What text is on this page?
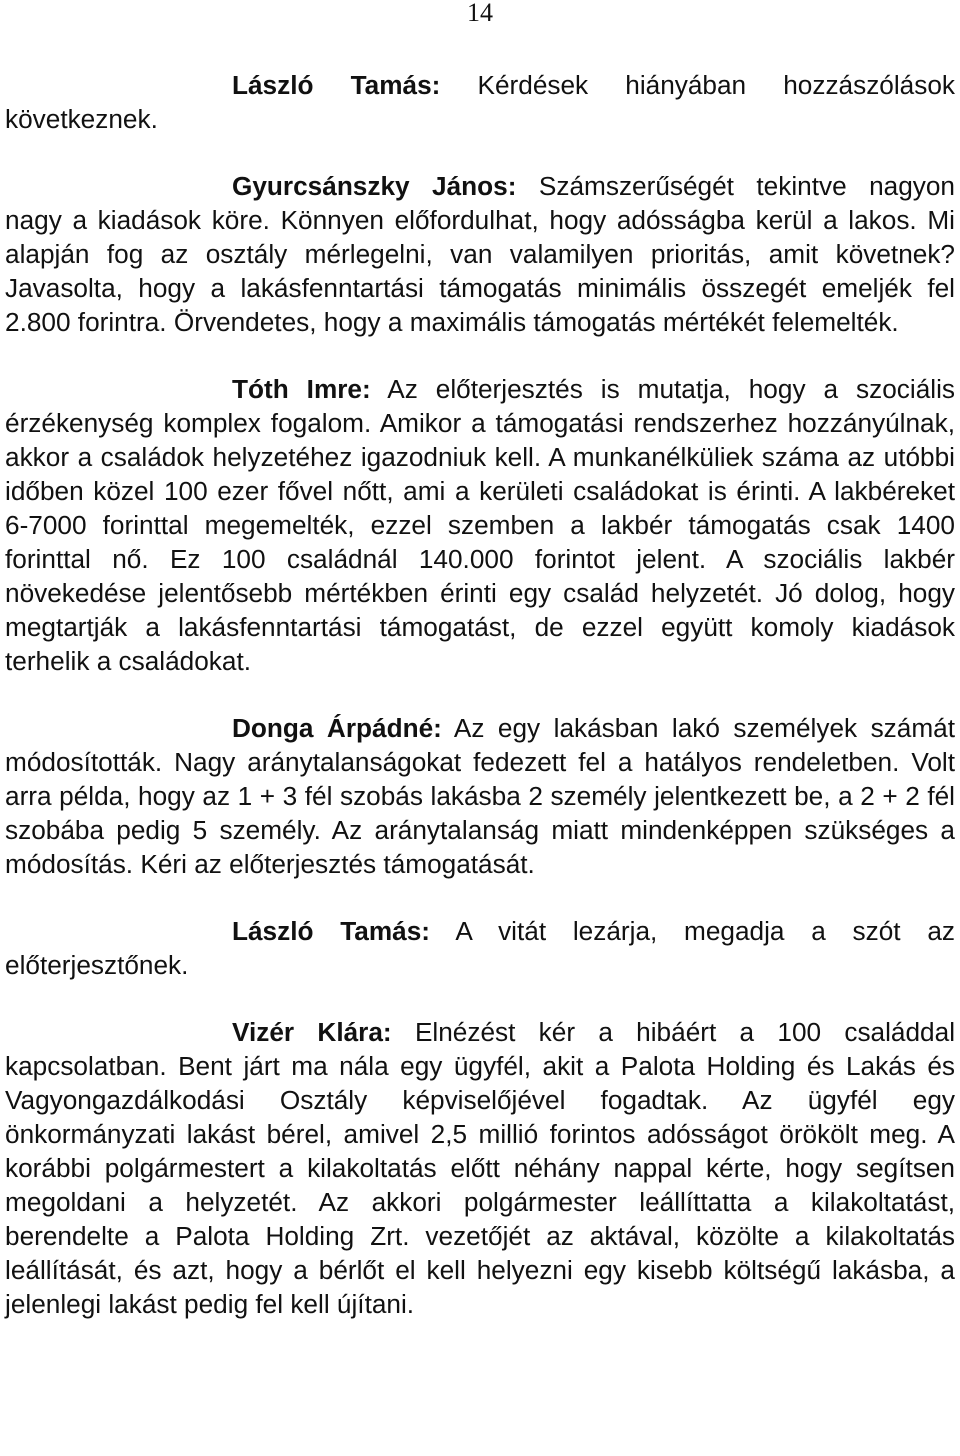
14

László Tamás: Kérdések hiányában hozzászólások következnek.

Gyurcsánszky János: Számszerűségét tekintve nagyon nagy a kiadások köre. Könnyen előfordulhat, hogy adósságba kerül a lakos. Mi alapján fog az osztály mérlegelni, van valamilyen prioritás, amit követnek? Javasolta, hogy a lakásfenntartási támogatás minimális összegét emeljék fel 2.800 forintra. Örvendetes, hogy a maximális támogatás mértékét felemelték.

Tóth Imre: Az előterjesztés is mutatja, hogy a szociális érzékenység komplex fogalom. Amikor a támogatási rendszerhez hozzányúlnak, akkor a családok helyzetéhez igazodniuk kell. A munkanélküliek száma az utóbbi időben közel 100 ezer fővel nőtt, ami a kerületi családokat is érinti. A lakbéreket 6-7000 forinttal megemelték, ezzel szemben a lakbér támogatás csak 1400 forinttal nő. Ez 100 családnál 140.000 forintot jelent. A szociális lakbér növekedése jelentősebb mértékben érinti egy család helyzetét. Jó dolog, hogy megtartják a lakásfenntartási támogatást, de ezzel együtt komoly kiadások terhelik a családokat.

Donga Árpádné: Az egy lakásban lakó személyek számát módosították. Nagy aránytalanságokat fedezett fel a hatályos rendeletben. Volt arra példa, hogy az 1 + 3 fél szobás lakásba 2 személy jelentkezett be, a 2 + 2 fél szobába pedig 5 személy. Az aránytalanság miatt mindenképpen szükséges a módosítás. Kéri az előterjesztés támogatását.

László Tamás: A vitát lezárja, megadja a szót az előterjesztőnek.

Vizér Klára: Elnézést kér a hibáért a 100 családdal kapcsolatban. Bent járt ma nála egy ügyfél, akit a Palota Holding és Lakás és Vagyongazdálkodási Osztály képviselőjével fogadtak. Az ügyfél egy önkormányzati lakást bérel, amivel 2,5 millió forintos adósságot örökölt meg. A korábbi polgármestert a kilakoltatás előtt néhány nappal kérte, hogy segítsen megoldani a helyzetét. Az akkori polgármester leállíttatta a kilakoltatást, berendelte a Palota Holding Zrt. vezetőjét az aktával, közölte a kilakoltatás leállítását, és azt, hogy a bérlőt el kell helyezni egy kisebb költségű lakásba, a jelenlegi lakást pedig fel kell újítani.
